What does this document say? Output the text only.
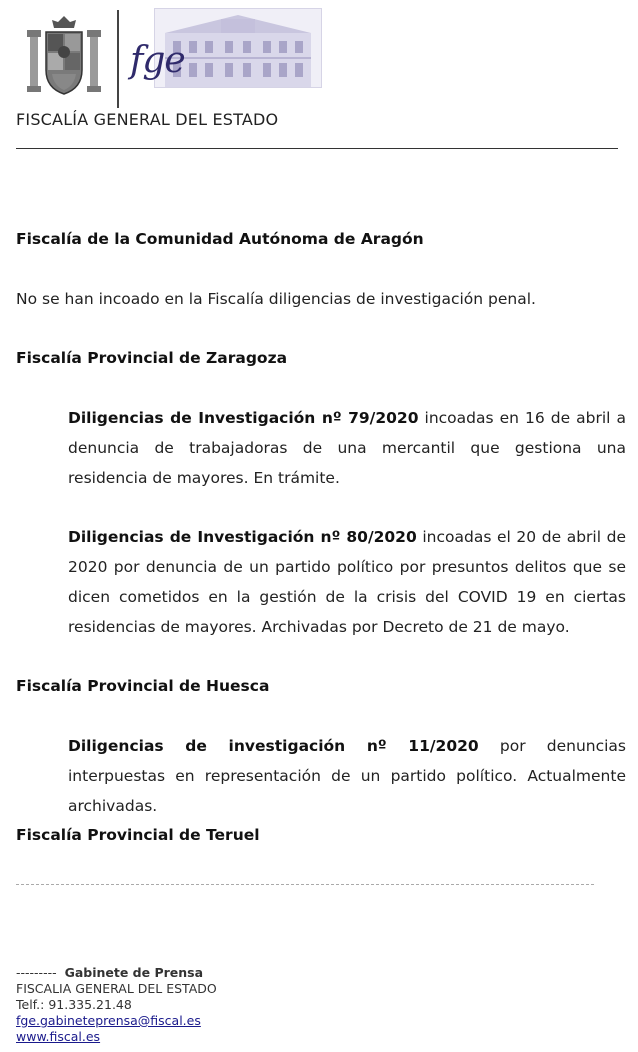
fge
FISCALÍA GENERAL DEL ESTADO
Fiscalía de la Comunidad Autónoma de Aragón
No se han incoado en la Fiscalía diligencias de investigación penal.
Fiscalía Provincial de Zaragoza
Diligencias de Investigación nº 79/2020 incoadas en 16 de abril a denuncia de trabajadoras de una mercantil que gestiona una residencia de mayores. En trámite.
Diligencias de Investigación nº 80/2020 incoadas el 20 de abril de 2020 por denuncia de un partido político por presuntos delitos que se dicen cometidos en la gestión de la crisis del COVID 19 en ciertas residencias de mayores. Archivadas por Decreto de 21 de mayo.
Fiscalía Provincial de Huesca
Diligencias de investigación nº 11/2020 por denuncias interpuestas en representación de un partido político. Actualmente archivadas.
Fiscalía Provincial de Teruel
--------- Gabinete de Prensa
FISCALIA GENERAL DEL ESTADO
Telf.: 91.335.21.48
fge.gabineteprensa@fiscal.es
www.fiscal.es
